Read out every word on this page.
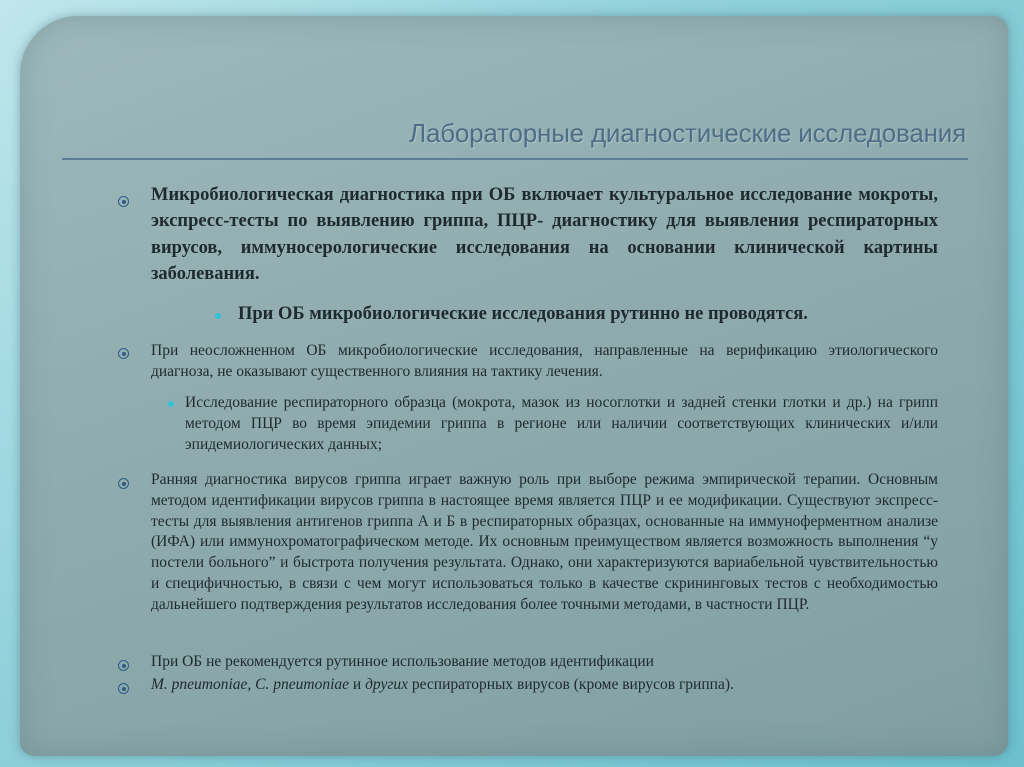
Лабораторные диагностические исследования

Микробиологическая диагностика при ОБ включает культуральное исследование мокроты, экспресс-тесты по выявлению гриппа, ПЦР- диагностику для выявления респираторных вирусов, иммуносерологические исследования на основании клинической картины заболевания.

При ОБ микробиологические исследования рутинно не проводятся.

При неосложненном ОБ микробиологические исследования, направленные на верификацию этиологического диагноза, не оказывают существенного влияния на тактику лечения.

Исследование респираторного образца (мокрота, мазок из носоглотки и задней стенки глотки и др.) на грипп методом ПЦР во время эпидемии гриппа в регионе или наличии соответствующих клинических и/или эпидемиологических данных;

Ранняя диагностика вирусов гриппа играет важную роль при выборе режима эмпирической терапии. Основным методом идентификации вирусов гриппа в настоящее время является ПЦР и ее модификации. Существуют экспресс- тесты для выявления антигенов гриппа А и Б в респираторных образцах, основанные на иммуноферментном анализе (ИФА) или иммунохроматографическом методе. Их основным преимуществом является возможность выполнения “у постели больного” и быстрота получения результата. Однако, они характеризуются вариабельной чувствительностью и специфичностью, в связи с чем могут использоваться только в качестве скрининговых тестов с необходимостью дальнейшего подтверждения результатов исследования более точными методами, в частности ПЦР.

При ОБ не рекомендуется рутинное использование методов идентификации

M. pneumoniae, C. pneumoniae и других респираторных вирусов (кроме вирусов гриппа).
